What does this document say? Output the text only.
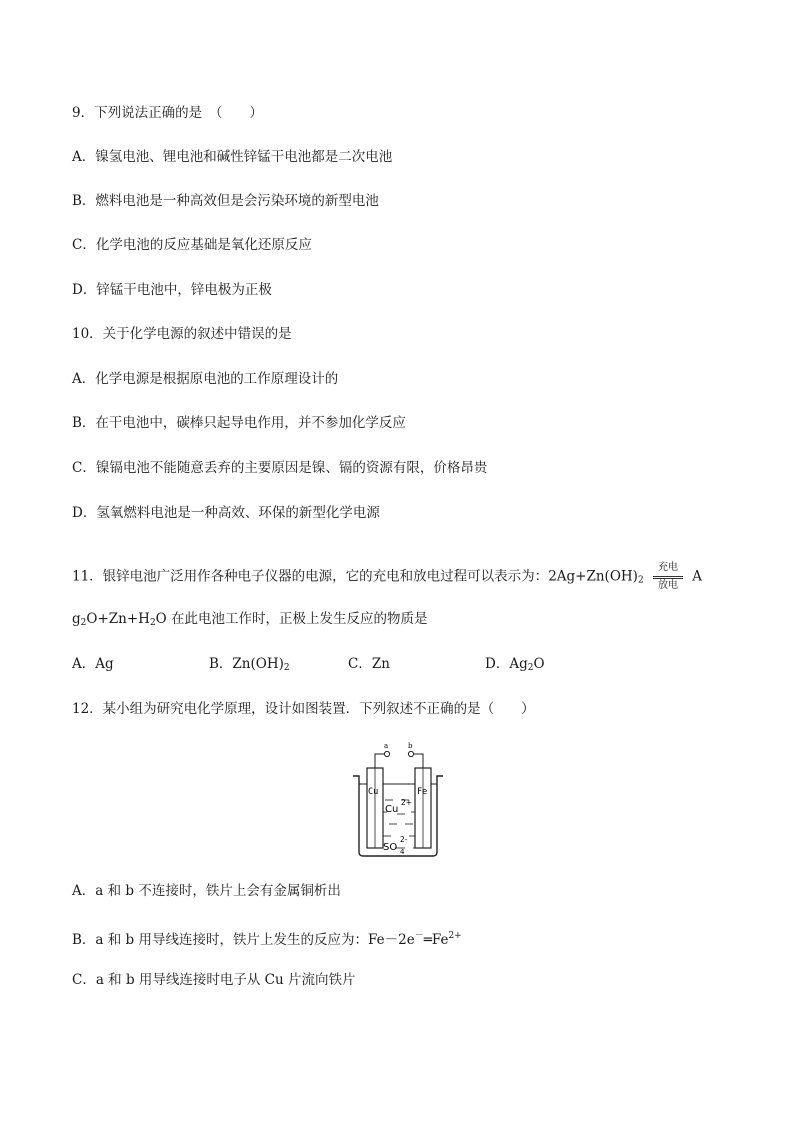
9．下列说法正确的是　（　　）
A．镍氢电池、锂电池和碱性锌锰干电池都是二次电池
B．燃料电池是一种高效但是会污染环境的新型电池
C．化学电池的反应基础是氧化还原反应
D．锌锰干电池中，锌电极为正极
10．关于化学电源的叙述中错误的是
A．化学电源是根据原电池的工作原理设计的
B．在干电池中，碳棒只起导电作用，并不参加化学反应
C．镍镉电池不能随意丢弃的主要原因是镍、镉的资源有限，价格昂贵
D．氢氧燃料电池是一种高效、环保的新型化学电源
11．银锌电池广泛用作各种电子仪器的电源，它的充电和放电过程可以表示为：$2Ag+Zn(OH)_2$
充电
放电
A
$g_2O+Zn+H_2O$ 在此电池工作时，正极上发生反应的物质是
A．Ag	B．$Zn(OH)_2$	C．Zn	D．$Ag_2O$
12．某小组为研究电化学原理，设计如图装置．下列叙述不正确的是（　　）
a	b
Cu	Fe
Cu
2+
SO 4
2-
A．a 和 b 不连接时，铁片上会有金属铜析出
B．a 和 b 用导线连接时，铁片上发生的反应为：$Fe-2e^-═Fe^{2+}$
C．a 和 b 用导线连接时电子从 Cu 片流向铁片
